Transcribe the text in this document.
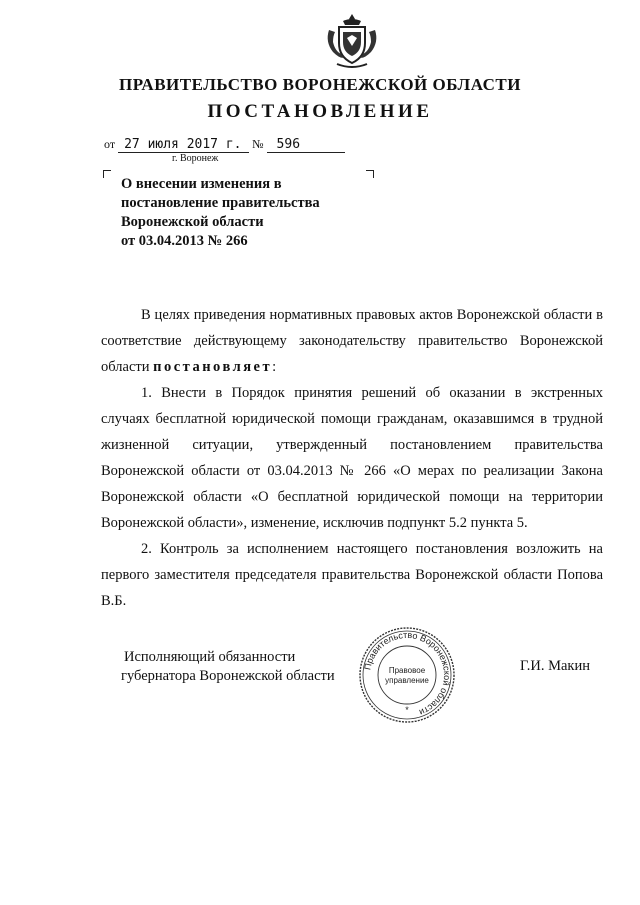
ПРАВИТЕЛЬСТВО ВОРОНЕЖСКОЙ ОБЛАСТИ
ПОСТАНОВЛЕНИЕ
от 27 июля 2017 г. № 596
г. Воронеж
О внесении изменения в
постановление правительства
Воронежской области
от 03.04.2013 № 266

В целях приведения нормативных правовых актов Воронежской области в соответствие действующему законодательству правительство Воронежской области постановляет:

1. Внести в Порядок принятия решений об оказании в экстренных случаях бесплатной юридической помощи гражданам, оказавшимся в трудной жизненной ситуации, утвержденный постановлением правительства Воронежской области от 03.04.2013 № 266 «О мерах по реализации Закона Воронежской области «О бесплатной юридической помощи на территории Воронежской области», изменение, исключив подпункт 5.2 пункта 5.

2. Контроль за исполнением настоящего постановления возложить на первого заместителя председателя правительства Воронежской области Попова В.Б.

Исполняющий обязанности
губернатора Воронежской области
Г.И. Макин
Правительство Воронежской области
Правовое
управление
*
